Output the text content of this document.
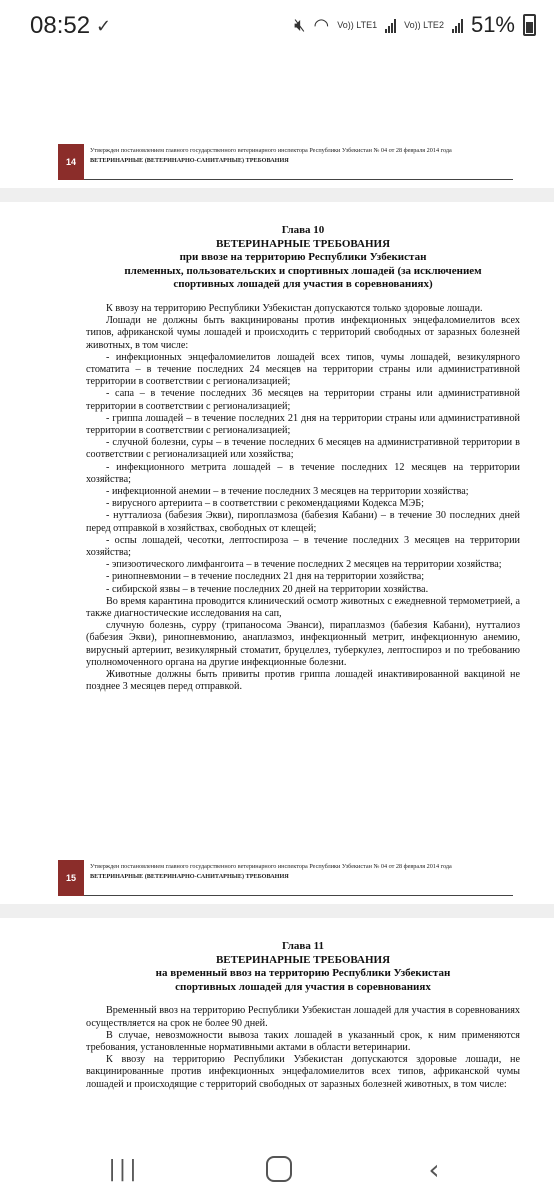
08:52 ✓	🔇︎ ◠ Vo)) LTE1	Vo)) LTE2 51%
14
Утвержден постановлением главного государственного ветеринарного инспектора Республики Узбекистан № 04 от 28 февраля 2014 года
ВЕТЕРИНАРНЫЕ (ВЕТЕРИНАРНО-САНИТАРНЫЕ) ТРЕБОВАНИЯ
Глава 10
ВЕТЕРИНАРНЫЕ ТРЕБОВАНИЯ
при ввозе на территорию Республики Узбекистан
племенных, пользовательских и спортивных лошадей (за исключением
спортивных лошадей для участия в соревнованиях)

К ввозу на территорию Республики Узбекистан допускаются только здоровые лошади.

Лошади не должны быть вакцинированы против инфекционных энцефаломиелитов всех типов, африканской чумы лошадей и происходить с территорий свободных от заразных болезней животных, в том числе:

- инфекционных энцефаломиелитов лошадей всех типов, чумы лошадей, везикулярного стоматита – в течение последних 24 месяцев на территории страны или административной территории в соответствии с регионализацией;

- сапа – в течение последних 36 месяцев на территории страны или административной территории в соответствии с регионализацией;

- гриппа лошадей – в течение последних 21 дня на территории страны или административной территории в соответствии с регионализацией;

- случной болезни, суры – в течение последних 6 месяцев на административной территории в соответствии с регионализацией или хозяйства;

- инфекционного метрита лошадей – в течение последних 12 месяцев на территории хозяйства;

- инфекционной анемии – в течение последних 3 месяцев на территории хозяйства;

- вирусного артериита – в соответствии с рекомендациями Кодекса МЭБ;

- нутталиоза (бабезия Экви), пироплазмоза (бабезия Кабани) – в течение 30 последних дней перед отправкой в хозяйствах, свободных от клещей;

- оспы лошадей, чесотки, лептоспироза – в течение последних 3 месяцев на территории хозяйства;

- эпизоотического лимфангоита – в течение последних 2 месяцев на территории хозяйства;

- ринопневмонии – в течение последних 21 дня на территории хозяйства;

- сибирской язвы – в течение последних 20 дней на территории хозяйства.

Во время карантина проводится клинический осмотр животных с ежедневной термометрией, а также диагностические исследования на сап,

случную болезнь, сурру (трипаносома Эванси), пираплазмоз (бабезия Кабани), нутталиоз (бабезия Экви), ринопневмонию, анаплазмоз, инфекционный метрит, инфекционную анемию, вирусный артериит, везикулярный стоматит, бруцеллез, туберкулез, лептоспироз и по требованию уполномоченного органа на другие инфекционные болезни.

Животные должны быть привиты против гриппа лошадей инактивированной вакциной не позднее 3 месяцев перед отправкой.

15
Утвержден постановлением главного государственного ветеринарного инспектора Республики Узбекистан № 04 от 28 февраля 2014 года
ВЕТЕРИНАРНЫЕ (ВЕТЕРИНАРНО-САНИТАРНЫЕ) ТРЕБОВАНИЯ
Глава 11
ВЕТЕРИНАРНЫЕ ТРЕБОВАНИЯ
на временный ввоз на территорию Республики Узбекистан
спортивных лошадей для участия в соревнованиях

Временный ввоз на территорию Республики Узбекистан лошадей для участия в соревнованиях осуществляется на срок не более 90 дней.

В случае, невозможности вывоза таких лошадей в указанный срок, к ним применяются требования, установленные нормативными актами в области ветеринарии.

К ввозу на территорию Республики Узбекистан допускаются здоровые лошади, не вакцинированные против инфекционных энцефаломиелитов всех типов, африканской чумы лошадей и происходящие с территорий свободных от заразных болезней животных, в том числе:

|||	‹
